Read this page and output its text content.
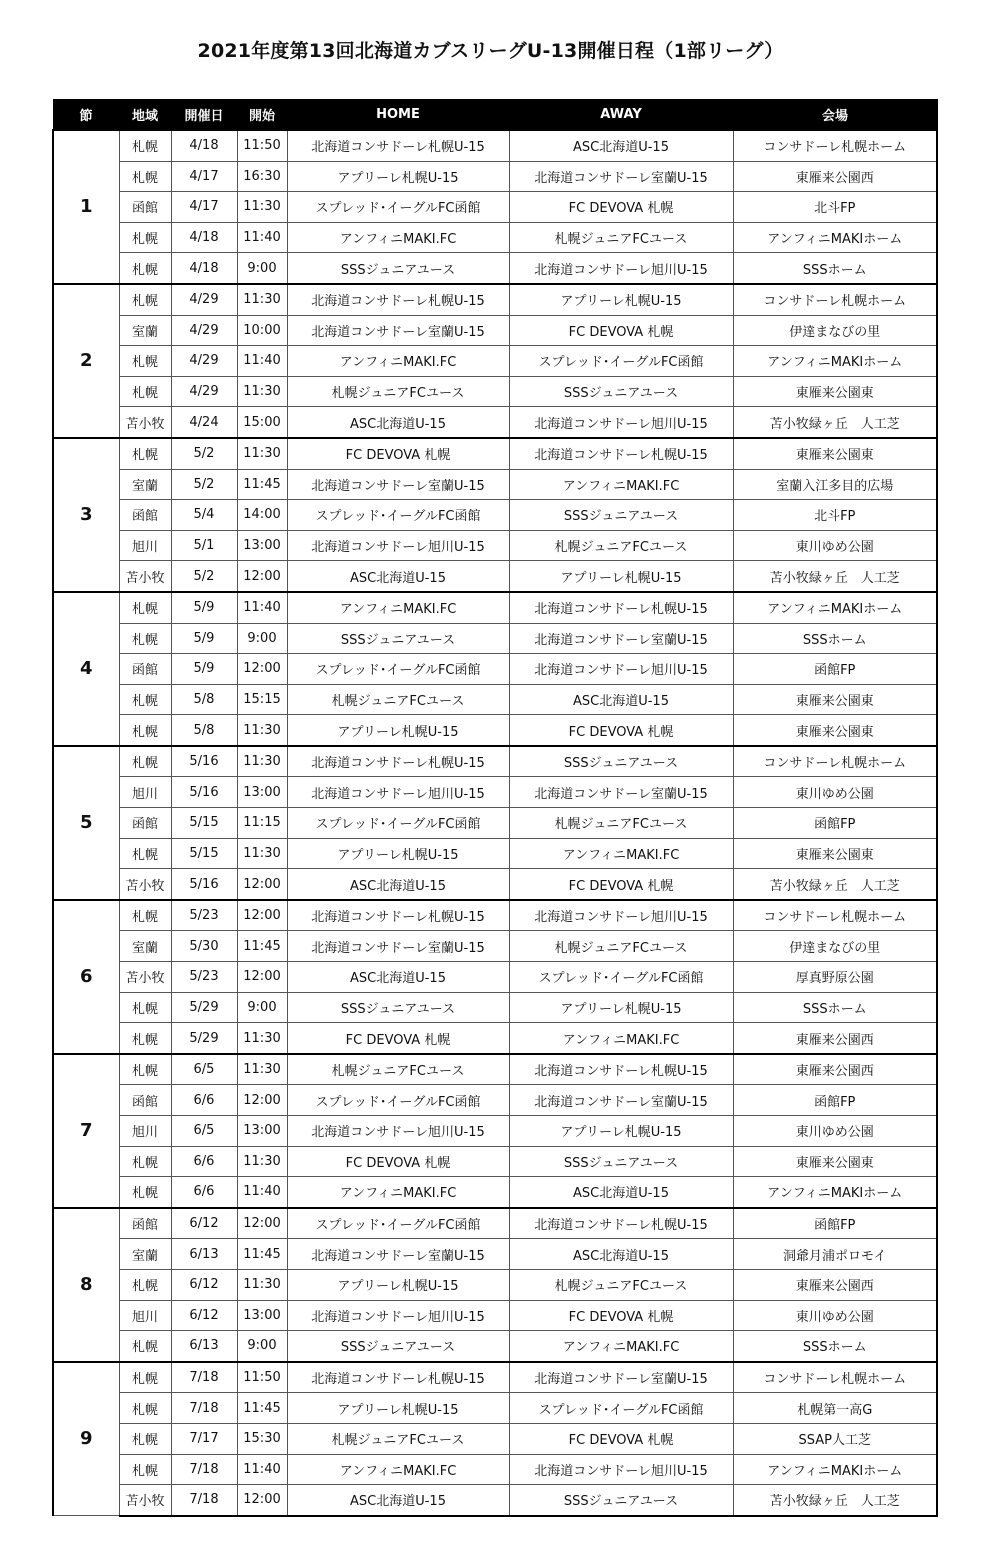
2021年度第13回北海道カブスリーグU-13開催日程（1部リーグ）
節	地域	開催日	開始	HOME	AWAY	会場
1	札幌	4/18	11:50	北海道コンサドーレ札幌U-15	ASC北海道U-15	コンサドーレ札幌ホーム
	札幌	4/17	16:30	アプリーレ札幌U-15	北海道コンサドーレ室蘭U-15	東雁来公園西
	函館	4/17	11:30	スプレッド･イーグルFC函館	FC DEVOVA 札幌	北斗FP
	札幌	4/18	11:40	アンフィニMAKI.FC	札幌ジュニアFCユース	アンフィニMAKIホーム
	札幌	4/18	9:00	SSSジュニアユース	北海道コンサドーレ旭川U-15	SSSホーム
2	札幌	4/29	11:30	北海道コンサドーレ札幌U-15	アプリーレ札幌U-15	コンサドーレ札幌ホーム
	室蘭	4/29	10:00	北海道コンサドーレ室蘭U-15	FC DEVOVA 札幌	伊達まなびの里
	札幌	4/29	11:40	アンフィニMAKI.FC	スプレッド･イーグルFC函館	アンフィニMAKIホーム
	札幌	4/29	11:30	札幌ジュニアFCユース	SSSジュニアユース	東雁来公園東
	苫小牧	4/24	15:00	ASC北海道U-15	北海道コンサドーレ旭川U-15	苫小牧緑ヶ丘　人工芝
3	札幌	5/2	11:30	FC DEVOVA 札幌	北海道コンサドーレ札幌U-15	東雁来公園東
	室蘭	5/2	11:45	北海道コンサドーレ室蘭U-15	アンフィニMAKI.FC	室蘭入江多目的広場
	函館	5/4	14:00	スプレッド･イーグルFC函館	SSSジュニアユース	北斗FP
	旭川	5/1	13:00	北海道コンサドーレ旭川U-15	札幌ジュニアFCユース	東川ゆめ公園
	苫小牧	5/2	12:00	ASC北海道U-15	アプリーレ札幌U-15	苫小牧緑ヶ丘　人工芝
4	札幌	5/9	11:40	アンフィニMAKI.FC	北海道コンサドーレ札幌U-15	アンフィニMAKIホーム
	札幌	5/9	9:00	SSSジュニアユース	北海道コンサドーレ室蘭U-15	SSSホーム
	函館	5/9	12:00	スプレッド･イーグルFC函館	北海道コンサドーレ旭川U-15	函館FP
	札幌	5/8	15:15	札幌ジュニアFCユース	ASC北海道U-15	東雁来公園東
	札幌	5/8	11:30	アプリーレ札幌U-15	FC DEVOVA 札幌	東雁来公園東
5	札幌	5/16	11:30	北海道コンサドーレ札幌U-15	SSSジュニアユース	コンサドーレ札幌ホーム
	旭川	5/16	13:00	北海道コンサドーレ旭川U-15	北海道コンサドーレ室蘭U-15	東川ゆめ公園
	函館	5/15	11:15	スプレッド･イーグルFC函館	札幌ジュニアFCユース	函館FP
	札幌	5/15	11:30	アプリーレ札幌U-15	アンフィニMAKI.FC	東雁来公園東
	苫小牧	5/16	12:00	ASC北海道U-15	FC DEVOVA 札幌	苫小牧緑ヶ丘　人工芝
6	札幌	5/23	12:00	北海道コンサドーレ札幌U-15	北海道コンサドーレ旭川U-15	コンサドーレ札幌ホーム
	室蘭	5/30	11:45	北海道コンサドーレ室蘭U-15	札幌ジュニアFCユース	伊達まなびの里
	苫小牧	5/23	12:00	ASC北海道U-15	スプレッド･イーグルFC函館	厚真野原公園
	札幌	5/29	9:00	SSSジュニアユース	アプリーレ札幌U-15	SSSホーム
	札幌	5/29	11:30	FC DEVOVA 札幌	アンフィニMAKI.FC	東雁来公園西
7	札幌	6/5	11:30	札幌ジュニアFCユース	北海道コンサドーレ札幌U-15	東雁来公園西
	函館	6/6	12:00	スプレッド･イーグルFC函館	北海道コンサドーレ室蘭U-15	函館FP
	旭川	6/5	13:00	北海道コンサドーレ旭川U-15	アプリーレ札幌U-15	東川ゆめ公園
	札幌	6/6	11:30	FC DEVOVA 札幌	SSSジュニアユース	東雁来公園東
	札幌	6/6	11:40	アンフィニMAKI.FC	ASC北海道U-15	アンフィニMAKIホーム
8	函館	6/12	12:00	スプレッド･イーグルFC函館	北海道コンサドーレ札幌U-15	函館FP
	室蘭	6/13	11:45	北海道コンサドーレ室蘭U-15	ASC北海道U-15	洞爺月浦ポロモイ
	札幌	6/12	11:30	アプリーレ札幌U-15	札幌ジュニアFCユース	東雁来公園西
	旭川	6/12	13:00	北海道コンサドーレ旭川U-15	FC DEVOVA 札幌	東川ゆめ公園
	札幌	6/13	9:00	SSSジュニアユース	アンフィニMAKI.FC	SSSホーム
9	札幌	7/18	11:50	北海道コンサドーレ札幌U-15	北海道コンサドーレ室蘭U-15	コンサドーレ札幌ホーム
	札幌	7/18	11:45	アプリーレ札幌U-15	スプレッド･イーグルFC函館	札幌第一高G
	札幌	7/17	15:30	札幌ジュニアFCユース	FC DEVOVA 札幌	SSAP人工芝
	札幌	7/18	11:40	アンフィニMAKI.FC	北海道コンサドーレ旭川U-15	アンフィニMAKIホーム
	苫小牧	7/18	12:00	ASC北海道U-15	SSSジュニアユース	苫小牧緑ヶ丘　人工芝
